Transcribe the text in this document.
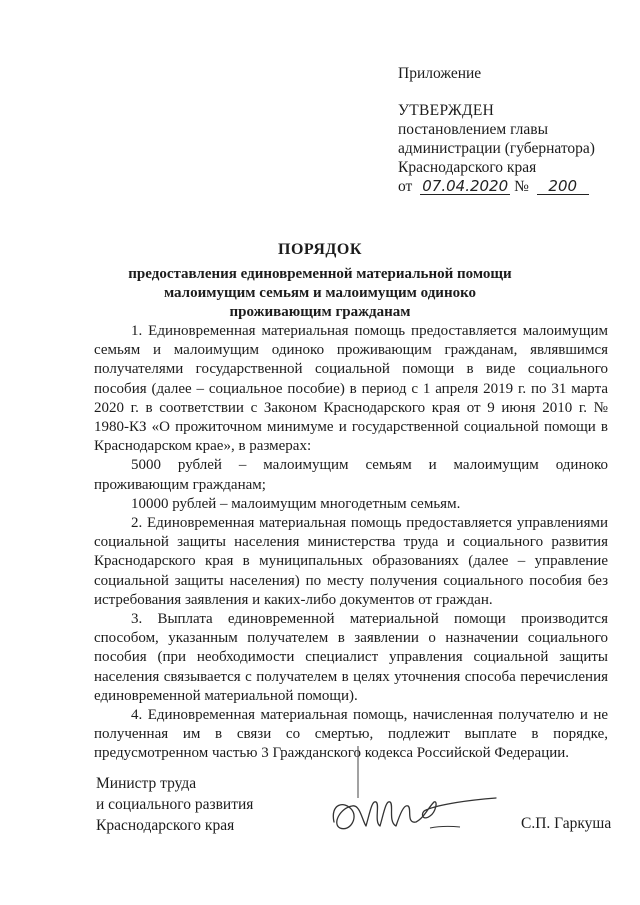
Приложение
УТВЕРЖДЕН
постановлением главы
администрации (губернатора)
Краснодарского края
от 07.04.2020 № 200
ПОРЯДОК
предоставления единовременной материальной помощи
малоимущим семьям и малоимущим одиноко
проживающим гражданам

1. Единовременная материальная помощь предоставляется малоимущим семьям и малоимущим одиноко проживающим гражданам, являвшимся получателями государственной социальной помощи в виде социального пособия (далее – социальное пособие) в период с 1 апреля 2019 г. по 31 марта 2020 г. в соответствии с Законом Краснодарского края от 9 июня 2010 г. № 1980-КЗ «О прожиточном минимуме и государственной социальной помощи в Краснодарском крае», в размерах:

5000 рублей – малоимущим семьям и малоимущим одиноко проживающим гражданам;

10000 рублей – малоимущим многодетным семьям.

2. Единовременная материальная помощь предоставляется управлениями социальной защиты населения министерства труда и социального развития Краснодарского края в муниципальных образованиях (далее – управление социальной защиты населения) по месту получения социального пособия без истребования заявления и каких-либо документов от граждан.

3. Выплата единовременной материальной помощи производится способом, указанным получателем в заявлении о назначении социального пособия (при необходимости специалист управления социальной защиты населения связывается с получателем в целях уточнения способа перечисления единовременной материальной помощи).

4. Единовременная материальная помощь, начисленная получателю и не полученная им в связи со смертью, подлежит выплате в порядке, предусмотренном частью 3 Гражданского кодекса Российской Федерации.

Министр труда
и социального развития
Краснодарского края	С.П. Гаркуша
